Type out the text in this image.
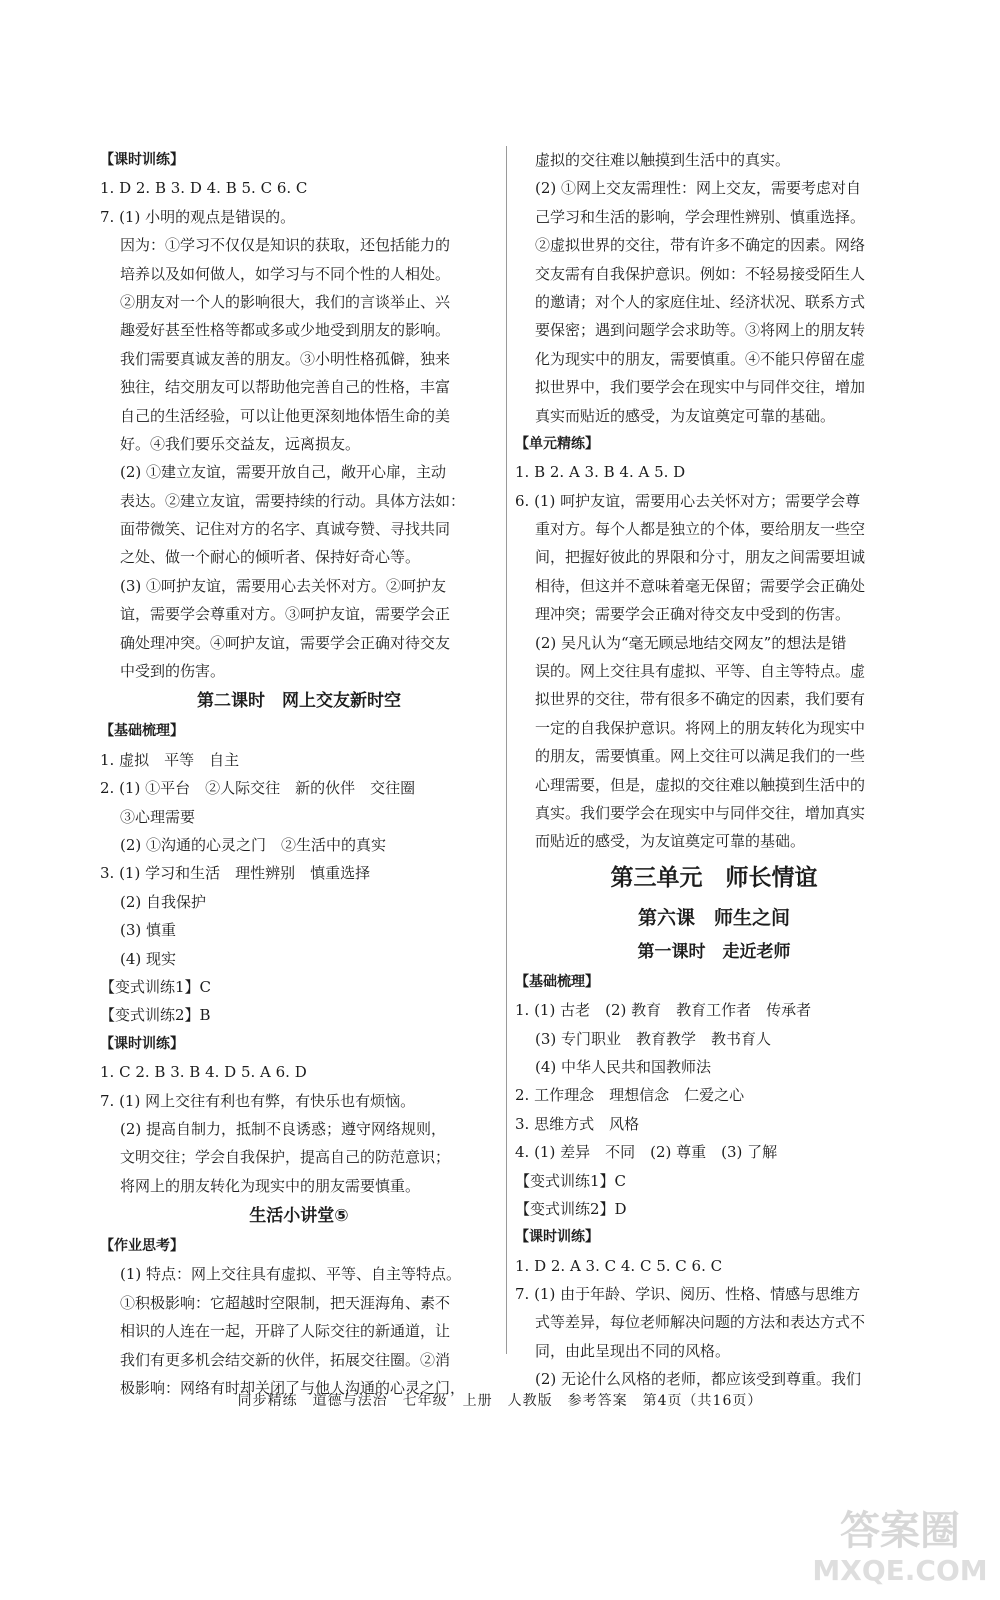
【课时训练】

1. D 2. B 3. D 4. B 5. C 6. C

7. (1) 小明的观点是错误的。

因为：①学习不仅仅是知识的获取，还包括能力的

培养以及如何做人，如学习与不同个性的人相处。

②朋友对一个人的影响很大，我们的言谈举止、兴

趣爱好甚至性格等都或多或少地受到朋友的影响。

我们需要真诚友善的朋友。③小明性格孤僻，独来

独往，结交朋友可以帮助他完善自己的性格，丰富

自己的生活经验，可以让他更深刻地体悟生命的美

好。④我们要乐交益友，远离损友。

(2) ①建立友谊，需要开放自己，敞开心扉，主动

表达。②建立友谊，需要持续的行动。具体方法如：

面带微笑、记住对方的名字、真诚夸赞、寻找共同

之处、做一个耐心的倾听者、保持好奇心等。

(3) ①呵护友谊，需要用心去关怀对方。②呵护友

谊，需要学会尊重对方。③呵护友谊，需要学会正

确处理冲突。④呵护友谊，需要学会正确对待交友

中受到的伤害。

第二课时　网上交友新时空

【基础梳理】

1. 虚拟　平等　自主

2. (1) ①平台　②人际交往　新的伙伴　交往圈

③心理需要

(2) ①沟通的心灵之门　②生活中的真实

3. (1) 学习和生活　理性辨别　慎重选择

(2) 自我保护

(3) 慎重

(4) 现实

【变式训练1】C

【变式训练2】B

【课时训练】

1. C 2. B 3. B 4. D 5. A 6. D

7. (1) 网上交往有利也有弊，有快乐也有烦恼。

(2) 提高自制力，抵制不良诱惑；遵守网络规则，

文明交往；学会自我保护，提高自己的防范意识；

将网上的朋友转化为现实中的朋友需要慎重。

生活小讲堂⑤

【作业思考】

(1) 特点：网上交往具有虚拟、平等、自主等特点。

①积极影响：它超越时空限制，把天涯海角、素不

相识的人连在一起，开辟了人际交往的新通道，让

我们有更多机会结交新的伙伴，拓展交往圈。②消

极影响：网络有时却关闭了与他人沟通的心灵之门，

虚拟的交往难以触摸到生活中的真实。

(2) ①网上交友需理性：网上交友，需要考虑对自

己学习和生活的影响，学会理性辨别、慎重选择。

②虚拟世界的交往，带有许多不确定的因素。网络

交友需有自我保护意识。例如：不轻易接受陌生人

的邀请；对个人的家庭住址、经济状况、联系方式

要保密；遇到问题学会求助等。③将网上的朋友转

化为现实中的朋友，需要慎重。④不能只停留在虚

拟世界中，我们要学会在现实中与同伴交往，增加

真实而贴近的感受，为友谊奠定可靠的基础。

【单元精练】

1. B 2. A 3. B 4. A 5. D

6. (1) 呵护友谊，需要用心去关怀对方；需要学会尊

重对方。每个人都是独立的个体，要给朋友一些空

间，把握好彼此的界限和分寸，朋友之间需要坦诚

相待，但这并不意味着毫无保留；需要学会正确处

理冲突；需要学会正确对待交友中受到的伤害。

(2) 吴凡认为“毫无顾忌地结交网友”的想法是错

误的。网上交往具有虚拟、平等、自主等特点。虚

拟世界的交往，带有很多不确定的因素，我们要有

一定的自我保护意识。将网上的朋友转化为现实中

的朋友，需要慎重。网上交往可以满足我们的一些

心理需要，但是，虚拟的交往难以触摸到生活中的

真实。我们要学会在现实中与同伴交往，增加真实

而贴近的感受，为友谊奠定可靠的基础。

第三单元　师长情谊

第六课　师生之间

第一课时　走近老师

【基础梳理】

1. (1) 古老　(2) 教育　教育工作者　传承者

(3) 专门职业　教育教学　教书育人

(4) 中华人民共和国教师法

2. 工作理念　理想信念　仁爱之心

3. 思维方式　风格

4. (1) 差异　不同　(2) 尊重　(3) 了解

【变式训练1】C

【变式训练2】D

【课时训练】

1. D 2. A 3. C 4. C 5. C 6. C

7. (1) 由于年龄、学识、阅历、性格、情感与思维方

式等差异，每位老师解决问题的方法和表达方式不

同，由此呈现出不同的风格。

(2) 无论什么风格的老师，都应该受到尊重。我们

同步精练　道德与法治　七年级　上册　人教版　参考答案　第4页（共16页）
答案圈
MXQE.COM
